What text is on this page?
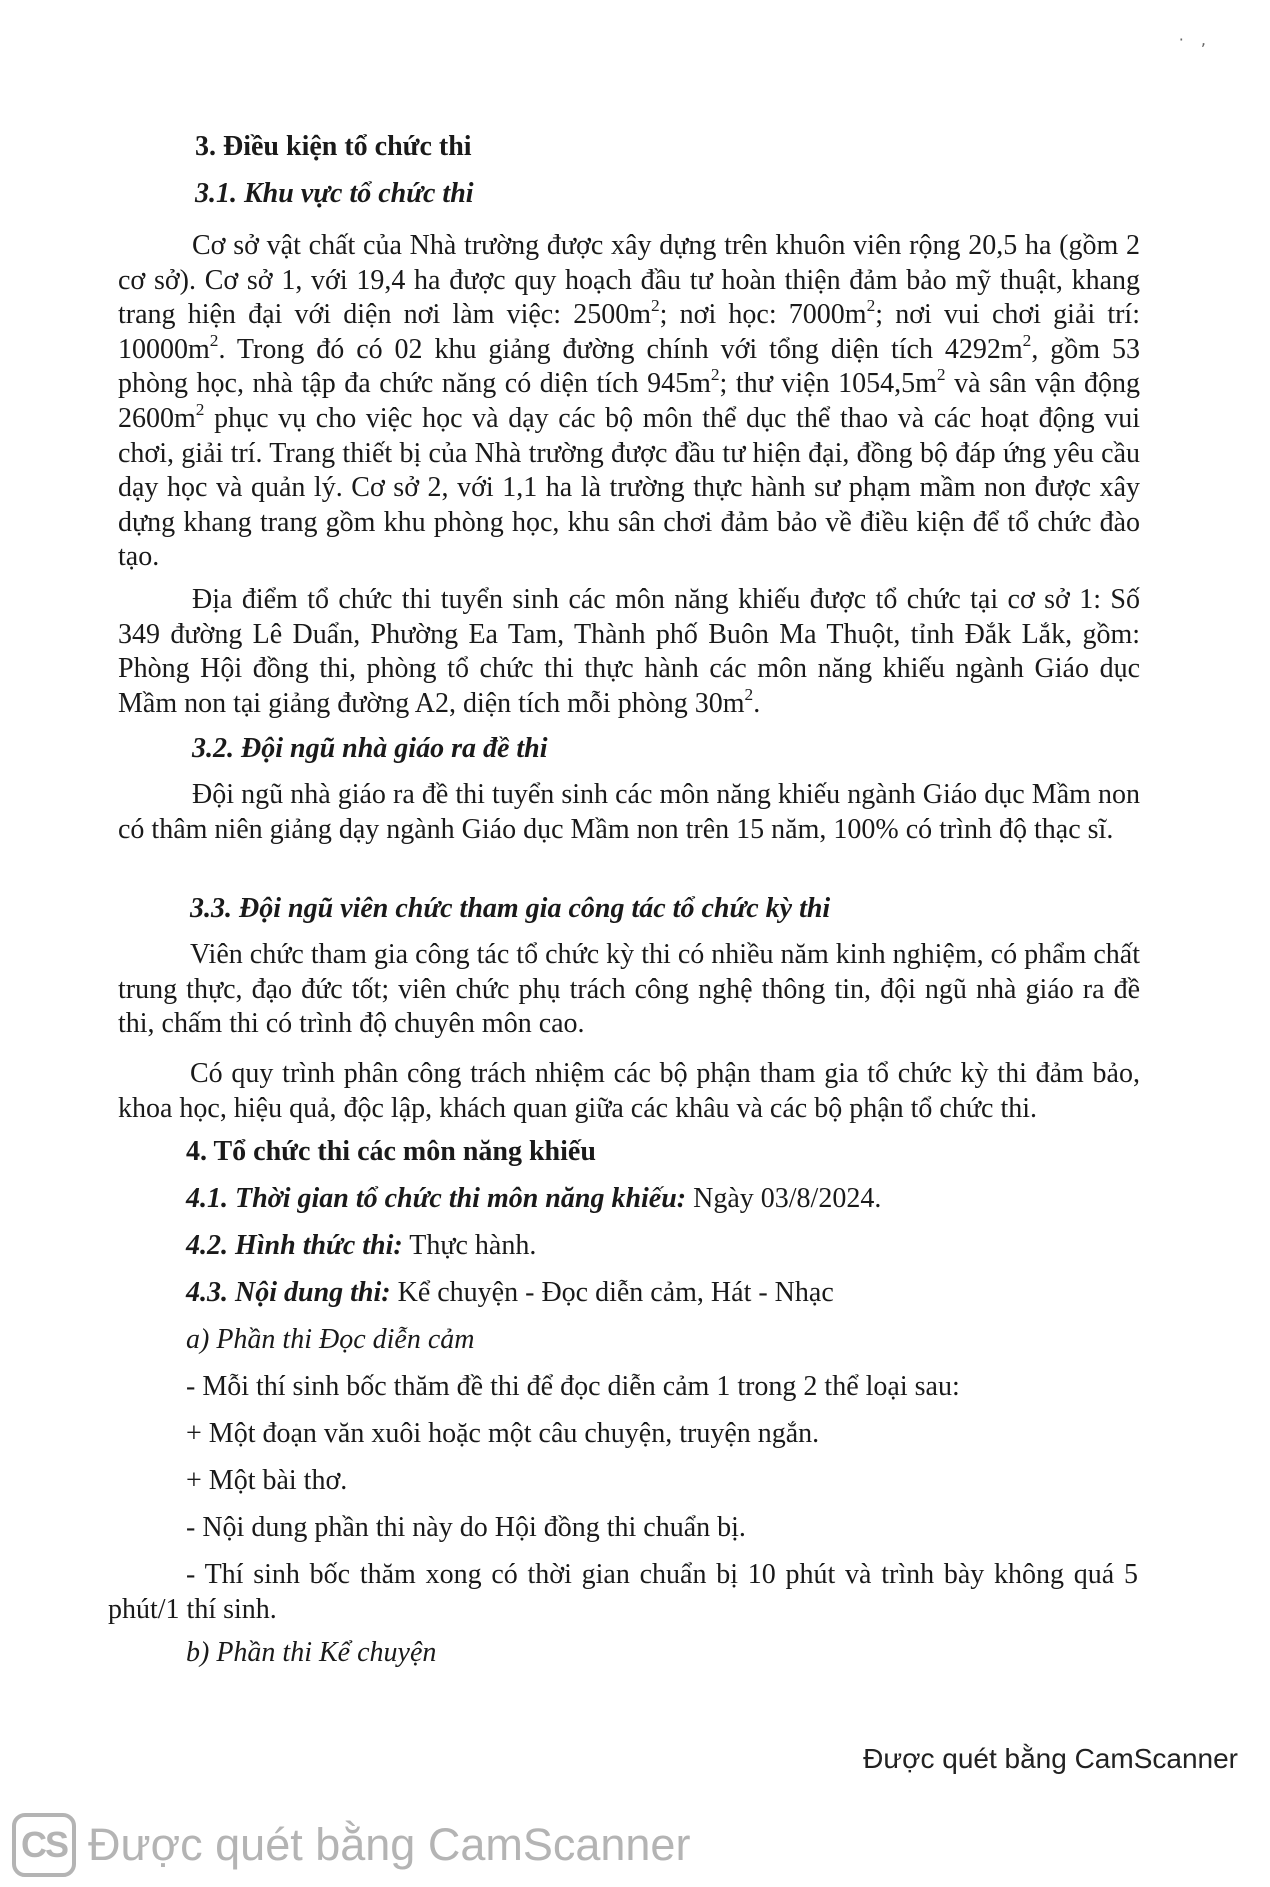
· ,
3. Điều kiện tổ chức thi
3.1. Khu vực tổ chức thi

Cơ sở vật chất của Nhà trường được xây dựng trên khuôn viên rộng 20,5 ha (gồm 2 cơ sở). Cơ sở 1, với 19,4 ha được quy hoạch đầu tư hoàn thiện đảm bảo mỹ thuật, khang trang hiện đại với diện nơi làm việc: $2500m^2$; nơi học: $7000m^2$; nơi vui chơi giải trí: $10000m^2$. Trong đó có 02 khu giảng đường chính với tổng diện tích $4292m^2$, gồm 53 phòng học, nhà tập đa chức năng có diện tích $945m^2$; thư viện $1054,5m^2$ và sân vận động $2600m^2$ phục vụ cho việc học và dạy các bộ môn thể dục thể thao và các hoạt động vui chơi, giải trí. Trang thiết bị của Nhà trường được đầu tư hiện đại, đồng bộ đáp ứng yêu cầu dạy học và quản lý. Cơ sở 2, với 1,1 ha là trường thực hành sư phạm mầm non được xây dựng khang trang gồm khu phòng học, khu sân chơi đảm bảo về điều kiện để tổ chức đào tạo.

Địa điểm tổ chức thi tuyển sinh các môn năng khiếu được tổ chức tại cơ sở 1: Số 349 đường Lê Duẩn, Phường Ea Tam, Thành phố Buôn Ma Thuột, tỉnh Đắk Lắk, gồm: Phòng Hội đồng thi, phòng tổ chức thi thực hành các môn năng khiếu ngành Giáo dục Mầm non tại giảng đường A2, diện tích mỗi phòng $30m^2$.

3.2. Đội ngũ nhà giáo ra đề thi

Đội ngũ nhà giáo ra đề thi tuyển sinh các môn năng khiếu ngành Giáo dục Mầm non có thâm niên giảng dạy ngành Giáo dục Mầm non trên 15 năm, 100% có trình độ thạc sĩ.

3.3. Đội ngũ viên chức tham gia công tác tổ chức kỳ thi

Viên chức tham gia công tác tổ chức kỳ thi có nhiều năm kinh nghiệm, có phẩm chất trung thực, đạo đức tốt; viên chức phụ trách công nghệ thông tin, đội ngũ nhà giáo ra đề thi, chấm thi có trình độ chuyên môn cao.

Có quy trình phân công trách nhiệm các bộ phận tham gia tổ chức kỳ thi đảm bảo, khoa học, hiệu quả, độc lập, khách quan giữa các khâu và các bộ phận tổ chức thi.

4. Tổ chức thi các môn năng khiếu
4.1. Thời gian tổ chức thi môn năng khiếu: Ngày 03/8/2024.
4.2. Hình thức thi: Thực hành.
4.3. Nội dung thi: Kể chuyện - Đọc diễn cảm, Hát - Nhạc
a) Phần thi Đọc diễn cảm
- Mỗi thí sinh bốc thăm đề thi để đọc diễn cảm 1 trong 2 thể loại sau:
+ Một đoạn văn xuôi hoặc một câu chuyện, truyện ngắn.
+ Một bài thơ.
- Nội dung phần thi này do Hội đồng thi chuẩn bị.

- Thí sinh bốc thăm xong có thời gian chuẩn bị 10 phút và trình bày không quá 5 phút/1 thí sinh.

b) Phần thi Kể chuyện
Được quét bằng CamScanner
CS Được quét bằng CamScanner
